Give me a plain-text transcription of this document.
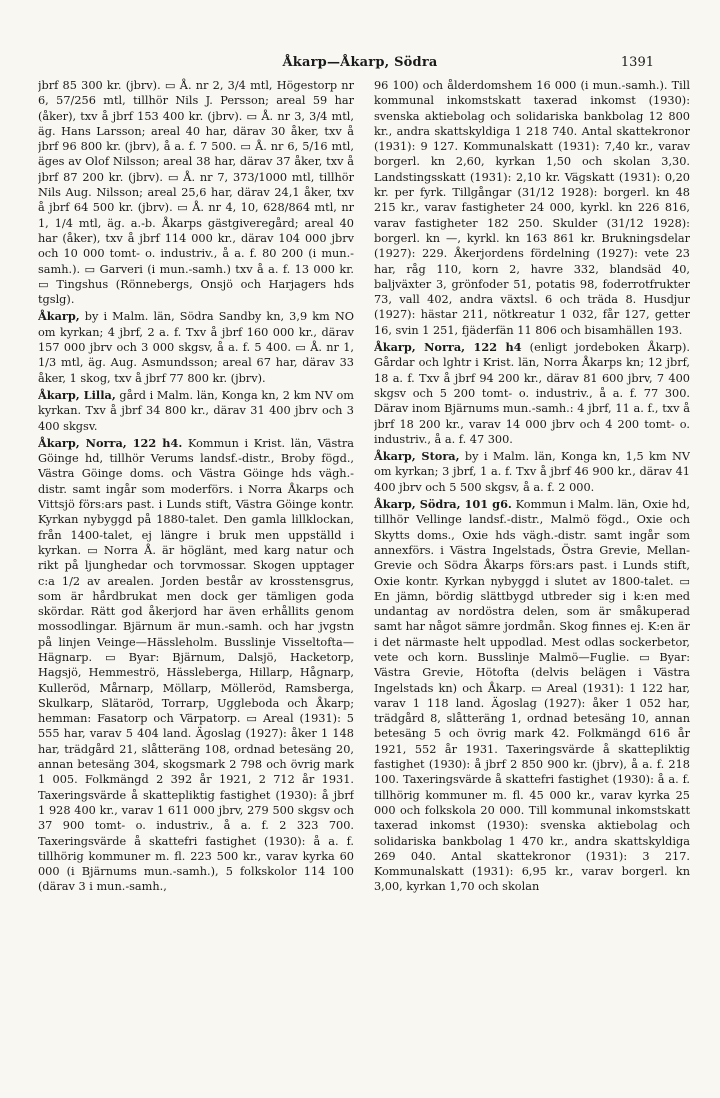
Åkarp—Åkarp, Södra	1391

jbrf 85 300 kr. (jbrv). ▭ Å. nr 2, 3/4 mtl, Högestorp nr 6, 57/256 mtl, tillhör Nils J. Persson; areal 59 har (åker), txv å jbrf 153 400 kr. (jbrv). ▭ Å. nr 3, 3/4 mtl, äg. Hans Larsson; areal 40 har, därav 30 åker, txv å jbrf 96 800 kr. (jbrv), å a. f. 7 500. ▭ Å. nr 6, 5/16 mtl, äges av Olof Nilsson; areal 38 har, därav 37 åker, txv å jbrf 87 200 kr. (jbrv). ▭ Å. nr 7, 373/1000 mtl, tillhör Nils Aug. Nilsson; areal 25,6 har, därav 24,1 åker, txv å jbrf 64 500 kr. (jbrv). ▭ Å. nr 4, 10, 628/864 mtl, nr 1, 1/4 mtl, äg. a.-b. Åkarps gästgiveregård; areal 40 har (åker), txv å jbrf 114 000 kr., därav 104 000 jbrv och 10 000 tomt- o. industriv., å a. f. 80 200 (i mun.-samh.). ▭ Garveri (i mun.-samh.) txv å a. f. 13 000 kr. ▭ Tingshus (Rönnebergs, Onsjö och Harjagers hds tgslg).

Åkarp, by i Malm. län, Södra Sandby kn, 3,9 km NO om kyrkan; 4 jbrf, 2 a. f. Txv å jbrf 160 000 kr., därav 157 000 jbrv och 3 000 skgsv, å a. f. 5 400. ▭ Å. nr 1, 1/3 mtl, äg. Aug. Asmundsson; areal 67 har, därav 33 åker, 1 skog, txv å jbrf 77 800 kr. (jbrv).

Åkarp, Lilla, gård i Malm. län, Konga kn, 2 km NV om kyrkan. Txv å jbrf 34 800 kr., därav 31 400 jbrv och 3 400 skgsv.

Åkarp, Norra, 122 h4. Kommun i Krist. län, Västra Göinge hd, tillhör Verums landsf.-distr., Broby fögd., Västra Göinge doms. och Västra Göinge hds vägh.-distr. samt ingår som moderförs. i Norra Åkarps och Vittsjö förs:ars past. i Lunds stift, Västra Göinge kontr. Kyrkan nybyggd på 1880-talet. Den gamla lillklockan, från 1400-talet, ej längre i bruk men uppställd i kyrkan. ▭ Norra Å. är höglänt, med karg natur och rikt på ljunghedar och torvmossar. Skogen upptager c:a 1/2 av arealen. Jorden består av krosstensgrus, som är hårdbrukat men dock ger tämligen goda skördar. Rätt god åkerjord har även erhållits genom mossodlingar. Bjärnum är mun.-samh. och har jvgstn på linjen Veinge—Hässleholm. Busslinje Visseltofta—Hägnarp. ▭ Byar: Bjärnum, Dalsjö, Hacketorp, Hagsjö, Hemmeströ, Hässleberga, Hillarp, Hågnarp, Kulleröd, Mårnarp, Möllarp, Mölleröd, Ramsberga, Skulkarp, Slätaröd, Torrarp, Uggleboda och Åkarp; hemman: Fasatorp och Värpatorp. ▭ Areal (1931): 5 555 har, varav 5 404 land. Ägoslag (1927): åker 1 148 har, trädgård 21, slåtteräng 108, ordnad betesäng 20, annan betesäng 304, skogsmark 2 798 och övrig mark 1 005. Folkmängd 2 392 år 1921, 2 712 år 1931. Taxeringsvärde å skattepliktig fastighet (1930): å jbrf 1 928 400 kr., varav 1 611 000 jbrv, 279 500 skgsv och 37 900 tomt- o. industriv., å a. f. 2 323 700. Taxeringsvärde å skattefri fastighet (1930): å a. f. tillhörig kommuner m. fl. 223 500 kr., varav kyrka 60 000 (i Bjärnums mun.-samh.), 5 folkskolor 114 100 (därav 3 i mun.-samh.,

96 100) och ålderdomshem 16 000 (i mun.-samh.). Till kommunal inkomstskatt taxerad inkomst (1930): svenska aktiebolag och solidariska bankbolag 12 800 kr., andra skattskyldiga 1 218 740. Antal skattekronor (1931): 9 127. Kommunalskatt (1931): 7,40 kr., varav borgerl. kn 2,60, kyrkan 1,50 och skolan 3,30. Landstingsskatt (1931): 2,10 kr. Vägskatt (1931): 0,20 kr. per fyrk. Tillgångar (31/12 1928): borgerl. kn 48 215 kr., varav fastigheter 24 000, kyrkl. kn 226 816, varav fastigheter 182 250. Skulder (31/12 1928): borgerl. kn —, kyrkl. kn 163 861 kr. Brukningsdelar (1927): 229. Åkerjordens fördelning (1927): vete 23 har, råg 110, korn 2, havre 332, blandsäd 40, baljväxter 3, grönfoder 51, potatis 98, foderrotfrukter 73, vall 402, andra växtsl. 6 och träda 8. Husdjur (1927): hästar 211, nötkreatur 1 032, får 127, getter 16, svin 1 251, fjäderfän 11 806 och bisamhällen 193.

Åkarp, Norra, 122 h4 (enligt jordeboken Åkarp). Gårdar och lghtr i Krist. län, Norra Åkarps kn; 12 jbrf, 18 a. f. Txv å jbrf 94 200 kr., därav 81 600 jbrv, 7 400 skgsv och 5 200 tomt- o. industriv., å a. f. 77 300. Därav inom Bjärnums mun.-samh.: 4 jbrf, 11 a. f., txv å jbrf 18 200 kr., varav 14 000 jbrv och 4 200 tomt- o. industriv., å a. f. 47 300.

Åkarp, Stora, by i Malm. län, Konga kn, 1,5 km NV om kyrkan; 3 jbrf, 1 a. f. Txv å jbrf 46 900 kr., därav 41 400 jbrv och 5 500 skgsv, å a. f. 2 000.

Åkarp, Södra, 101 g6. Kommun i Malm. län, Oxie hd, tillhör Vellinge landsf.-distr., Malmö fögd., Oxie och Skytts doms., Oxie hds vägh.-distr. samt ingår som annexförs. i Västra Ingelstads, Östra Grevie, Mellan-Grevie och Södra Åkarps förs:ars past. i Lunds stift, Oxie kontr. Kyrkan nybyggd i slutet av 1800-talet. ▭ En jämn, bördig slättbygd utbreder sig i k:en med undantag av nordöstra delen, som är småkuperad samt har något sämre jordmån. Skog finnes ej. K:en är i det närmaste helt uppodlad. Mest odlas sockerbetor, vete och korn. Busslinje Malmö—Fuglie. ▭ Byar: Västra Grevie, Hötofta (delvis belägen i Västra Ingelstads kn) och Åkarp. ▭ Areal (1931): 1 122 har, varav 1 118 land. Ägoslag (1927): åker 1 052 har, trädgård 8, slåtteräng 1, ordnad betesäng 10, annan betesäng 5 och övrig mark 42. Folkmängd 616 år 1921, 552 år 1931. Taxeringsvärde å skattepliktig fastighet (1930): å jbrf 2 850 900 kr. (jbrv), å a. f. 218 100. Taxeringsvärde å skattefri fastighet (1930): å a. f. tillhörig kommuner m. fl. 45 000 kr., varav kyrka 25 000 och folkskola 20 000. Till kommunal inkomstskatt taxerad inkomst (1930): svenska aktiebolag och solidariska bankbolag 1 470 kr., andra skattskyldiga 269 040. Antal skattekronor (1931): 3 217. Kommunalskatt (1931): 6,95 kr., varav borgerl. kn 3,00, kyrkan 1,70 och skolan
